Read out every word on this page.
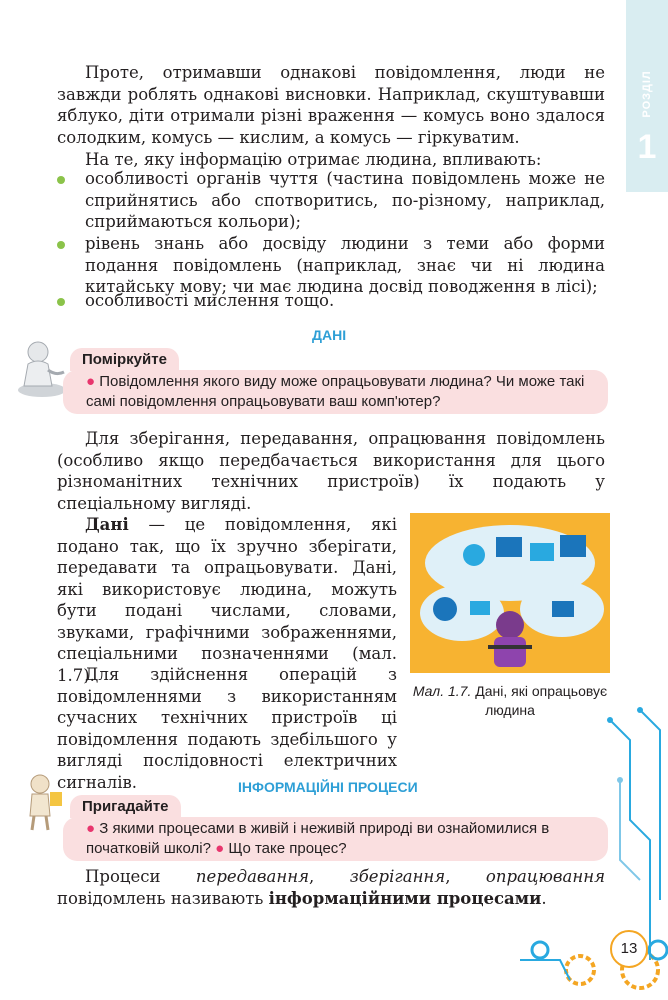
РОЗДІЛ
1

Проте, отримавши однакові повідомлення, люди не завжди роблять однакові висновки. Наприклад, скуштувавши яблуко, діти отримали різні враження — комусь воно здалося солодким, комусь — кислим, а комусь — гіркуватим.

На те, яку інформацію отримає людина, впливають:

особливості органів чуття (частина повідомлень може не сприйнятись або спотворитись, по-різному, наприклад, сприймаються кольори);

рівень знань або досвіду людини з теми або форми подання повідомлень (наприклад, знає чи ні людина китайську мову; чи має людина досвід поводження в лісі);

особливості мислення тощо.

ДАНІ
Поміркуйте
● Повідомлення якого виду може опрацьовувати людина? Чи може такі самі повідомлення опрацьовувати ваш комп'ютер?

Для зберігання, передавання, опрацювання повідомлень (особливо якщо передбачається використання для цього різноманітних технічних пристроїв) їх подають у спеціальному вигляді.

Дані — це повідомлення, які подано так, що їх зручно зберігати, передавати та опрацьовувати. Дані, які використовує людина, можуть бути подані числами, словами, звуками, графічними зображеннями, спеціальними позначеннями (мал. 1.7).

Мал. 1.7. Дані, які опрацьовує людина

Для здійснення операцій з повідомленнями з використанням сучасних технічних пристроїв ці повідомлення подають здебільшого у вигляді послідовності електричних сигналів.	ІНФОРМАЦІЙНІ ПРОЦЕСИ
Пригадайте
● З якими процесами в живій і неживій природі ви ознайомилися в початковій школі? ● Що таке процес?

Процеси передавання, зберігання, опрацювання повідомлень називають інформаційними процесами.

13
